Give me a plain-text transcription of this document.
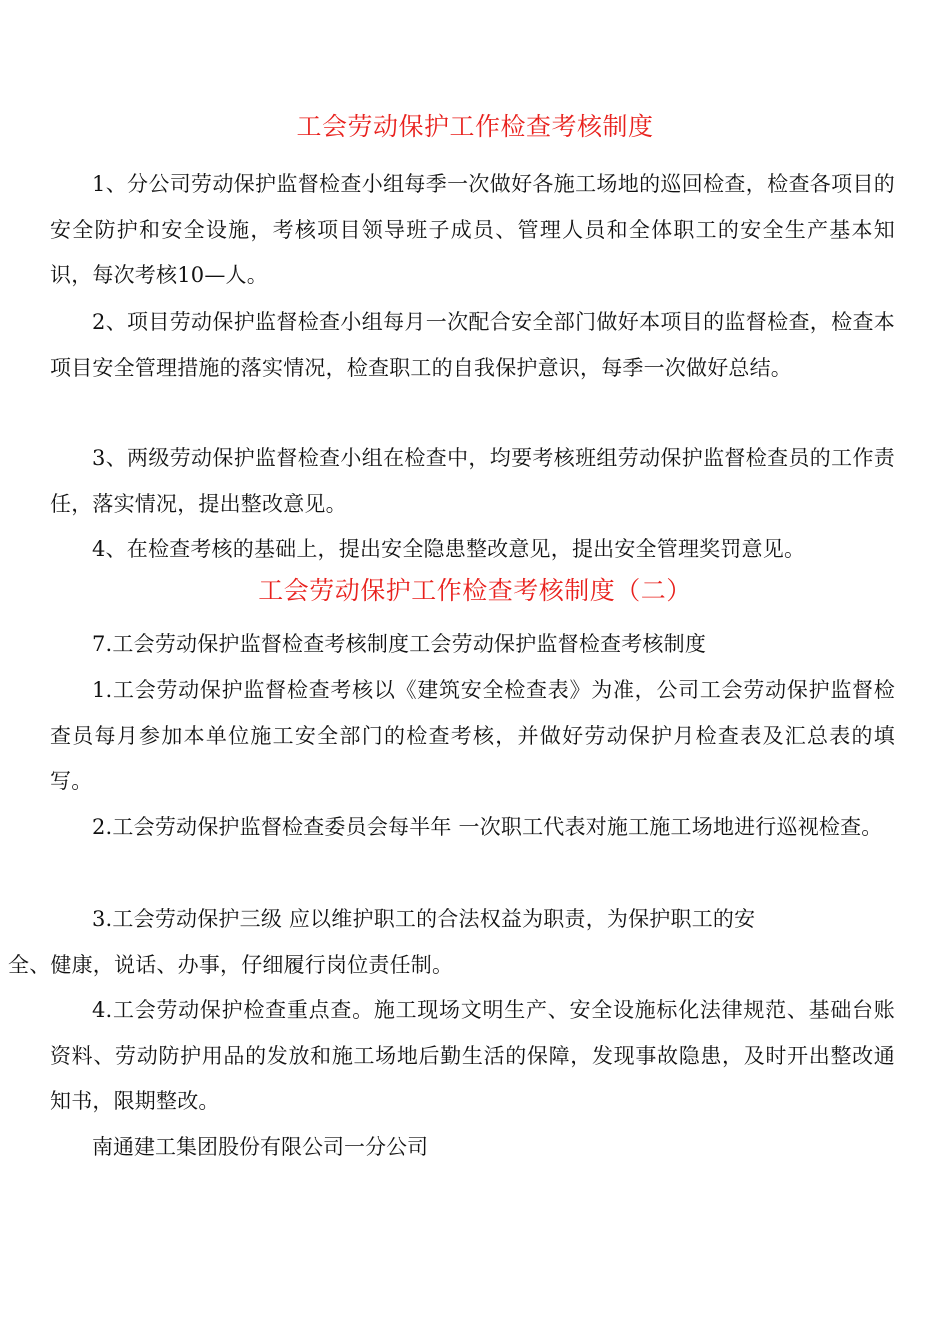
工会劳动保护工作检查考核制度
1、分公司劳动保护监督检查小组每季一次做好各施工场地的巡回检查，检查各项目的安全防护和安全设施，考核项目领导班子成员、管理人员和全体职工的安全生产基本知识，每次考核10—人。
2、项目劳动保护监督检查小组每月一次配合安全部门做好本项目的监督检查，检查本项目安全管理措施的落实情况，检查职工的自我保护意识，每季一次做好总结。
3、两级劳动保护监督检查小组在检查中，均要考核班组劳动保护监督检查员的工作责任，落实情况，提出整改意见。
4、在检查考核的基础上，提出安全隐患整改意见，提出安全管理奖罚意见。
工会劳动保护工作检查考核制度（二）
7.工会劳动保护监督检查考核制度工会劳动保护监督检查考核制度
1.工会劳动保护监督检查考核以《建筑安全检查表》为准，公司工会劳动保护监督检查员每月参加本单位施工安全部门的检查考核，并做好劳动保护月检查表及汇总表的填写。
2.工会劳动保护监督检查委员会每半年 一次职工代表对施工施工场地进行巡视检查。
3.工会劳动保护三级 应以维护职工的合法权益为职责，为保护职工的安
全、健康，说话、办事，仔细履行岗位责任制。
4.工会劳动保护检查重点查。施工现场文明生产、安全设施标化法律规范、基础台账资料、劳动防护用品的发放和施工场地后勤生活的保障，发现事故隐患，及时开出整改通知书，限期整改。
南通建工集团股份有限公司一分公司
